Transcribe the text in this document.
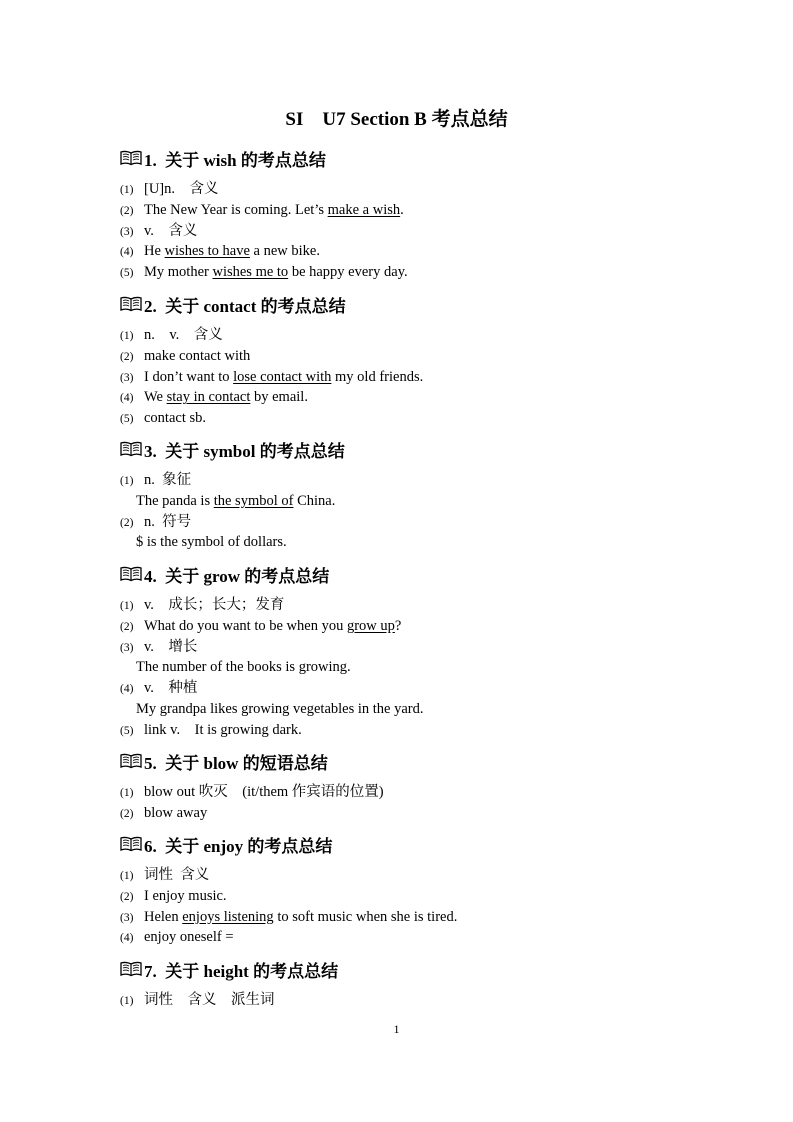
SI    U7 Section B 考点总结
1.  关于 wish 的考点总结
(1) [U]n.    含义
(2) The New Year is coming. Let’s make a wish.
(3) v.    含义
(4) He wishes to have a new bike.
(5) My mother wishes me to be happy every day.
2.  关于 contact 的考点总结
(1) n.    v.    含义
(2) make contact with
(3) I don’t want to lose contact with my old friends.
(4) We stay in contact by email.
(5) contact sb.
3.  关于 symbol 的考点总结
(1) n.  象征
The panda is the symbol of China.
(2) n.  符号
$ is the symbol of dollars.
4.  关于 grow 的考点总结
(1) v.    成长；长大；发育
(2) What do you want to be when you grow up?
(3) v.    增长
The number of the books is growing.
(4) v.    种植
My grandpa likes growing vegetables in the yard.
(5) link v.    It is growing dark.
5.  关于 blow 的短语总结
(1) blow out 吹灭    (it/them 作宾语的位置)
(2) blow away
6.  关于 enjoy 的考点总结
(1) 词性  含义
(2) I enjoy music.
(3) Helen enjoys listening to soft music when she is tired.
(4) enjoy oneself =
7.  关于 height 的考点总结
(1) 词性    含义    派生词
1
